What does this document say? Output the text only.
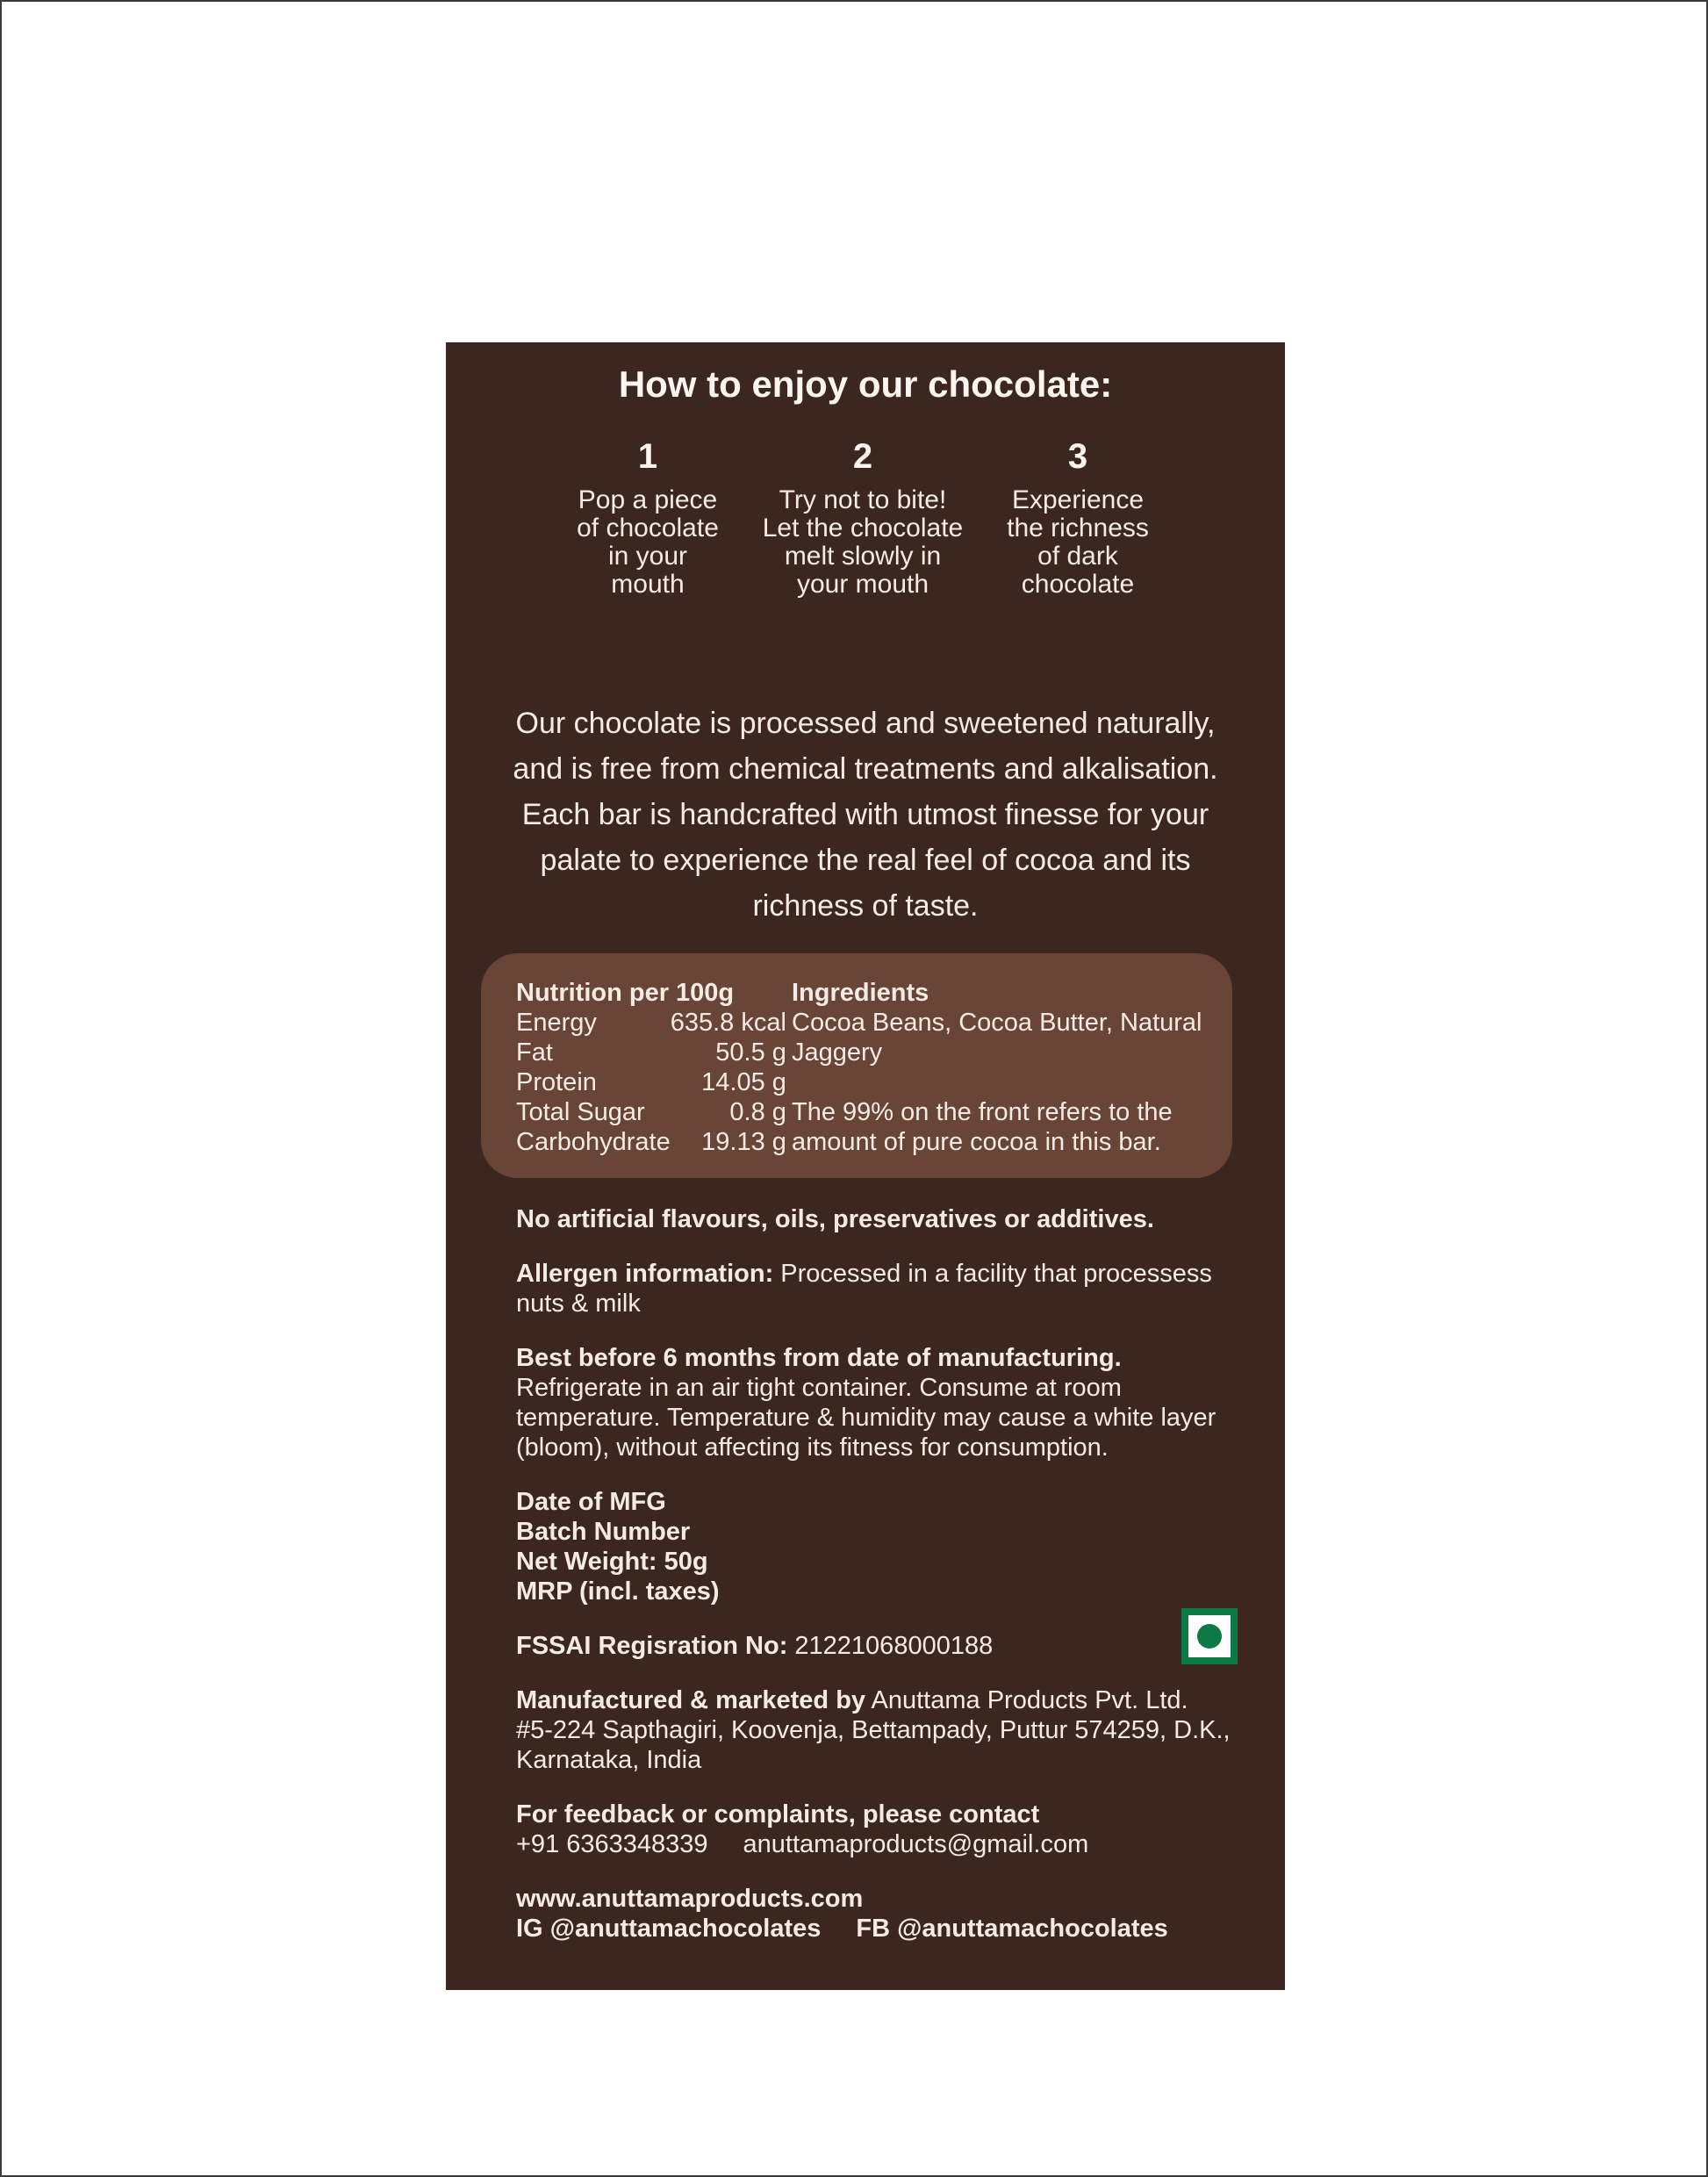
How to enjoy our chocolate:
1
Pop a piece
of chocolate
in your
mouth
2
Try not to bite!
Let the chocolate
melt slowly in
your mouth
3
Experience
the richness
of dark
chocolate
Our chocolate is processed and sweetened naturally, and is free from chemical treatments and alkalisation. Each bar is handcrafted with utmost finesse for your palate to experience the real feel of cocoa and its richness of taste.
Nutrition per 100g	
Energy	635.8 kcal
Fat	50.5 g
Protein	14.05 g
Total Sugar	0.8 g
Carbohydrate	19.13 g
Ingredients
Cocoa Beans, Cocoa Butter, Natural Jaggery
The 99% on the front refers to the amount of pure cocoa in this bar.

No artificial flavours, oils, preservatives or additives.

Allergen information: Processed in a facility that processess nuts & milk

Best before 6 months from date of manufacturing.
Refrigerate in an air tight container. Consume at room temperature. Temperature & humidity may cause a white layer (bloom), without affecting its fitness for consumption.

Date of MFG
Batch Number
Net Weight: 50g
MRP (incl. taxes)

FSSAI Regisration No: 21221068000188

Manufactured & marketed by Anuttama Products Pvt. Ltd.
#5-224 Sapthagiri, Koovenja, Bettampady, Puttur 574259, D.K., Karnataka, India

For feedback or complaints, please contact
+91 6363348339 anuttamaproducts@gmail.com

www.anuttamaproducts.com
IG @anuttamachocolates FB @anuttamachocolates
